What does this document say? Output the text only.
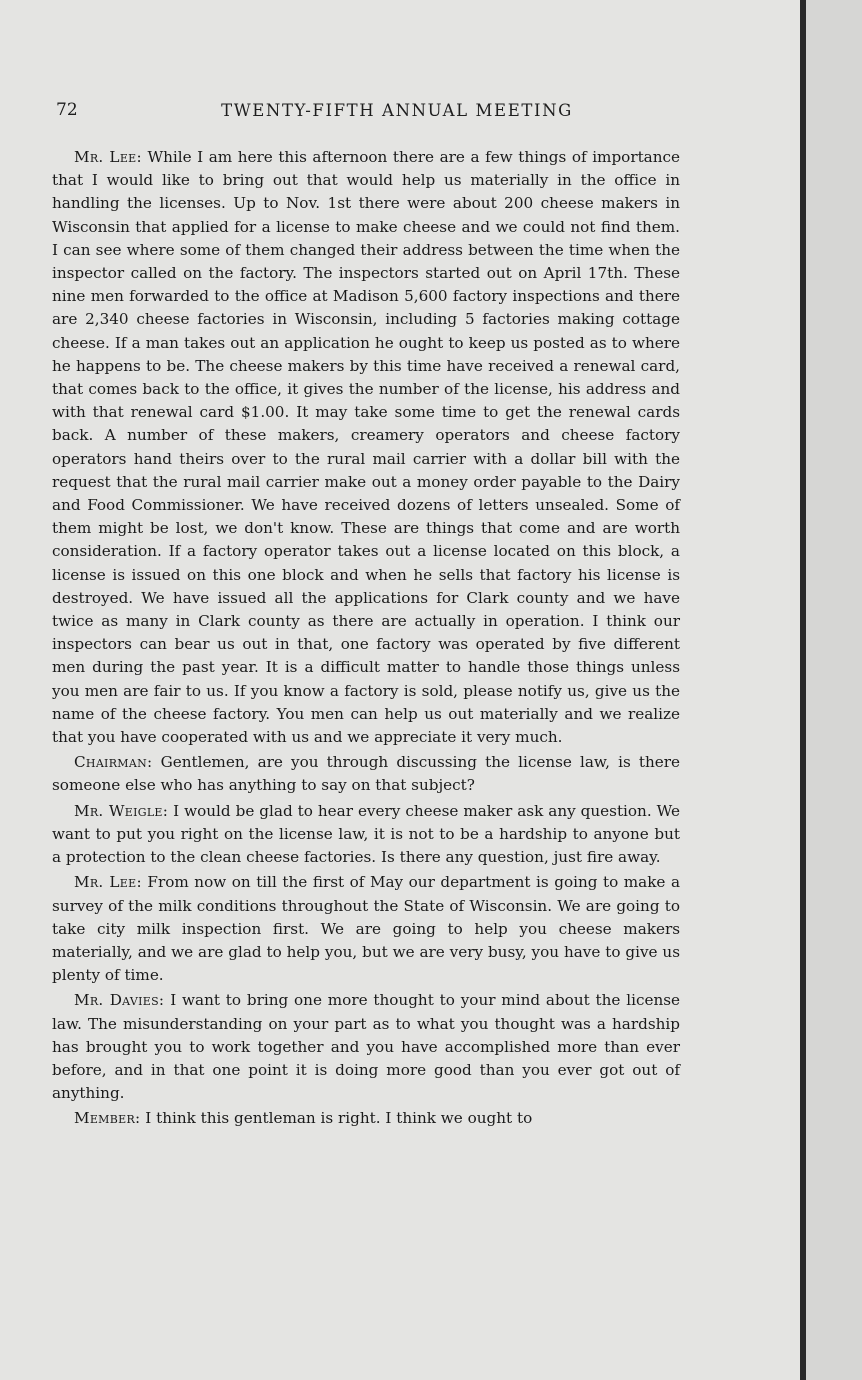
72	TWENTY-FIFTH ANNUAL MEETING

Mr. Lee: While I am here this afternoon there are a few things of importance that I would like to bring out that would help us materially in the office in handling the licenses. Up to Nov. 1st there were about 200 cheese makers in Wisconsin that applied for a license to make cheese and we could not find them. I can see where some of them changed their address between the time when the inspector called on the factory. The inspectors started out on April 17th. These nine men forwarded to the office at Madison 5,600 factory inspections and there are 2,340 cheese factories in Wisconsin, including 5 factories making cottage cheese. If a man takes out an application he ought to keep us posted as to where he happens to be. The cheese makers by this time have received a renewal card, that comes back to the office, it gives the number of the license, his address and with that renewal card $1.00. It may take some time to get the renewal cards back. A number of these makers, creamery operators and cheese factory operators hand theirs over to the rural mail carrier with a dollar bill with the request that the rural mail carrier make out a money order payable to the Dairy and Food Commissioner. We have received dozens of letters unsealed. Some of them might be lost, we don't know. These are things that come and are worth consideration. If a factory operator takes out a license located on this block, a license is issued on this one block and when he sells that factory his license is destroyed. We have issued all the applications for Clark county and we have twice as many in Clark county as there are actually in operation. I think our inspectors can bear us out in that, one factory was operated by five different men during the past year. It is a difficult matter to handle those things unless you men are fair to us. If you know a factory is sold, please notify us, give us the name of the cheese factory. You men can help us out materially and we realize that you have cooperated with us and we appreciate it very much.

Chairman: Gentlemen, are you through discussing the license law, is there someone else who has anything to say on that subject?

Mr. Weigle: I would be glad to hear every cheese maker ask any question. We want to put you right on the license law, it is not to be a hardship to anyone but a protection to the clean cheese factories. Is there any question, just fire away.

Mr. Lee: From now on till the first of May our department is going to make a survey of the milk conditions throughout the State of Wisconsin. We are going to take city milk inspection first. We are going to help you cheese makers materially, and we are glad to help you, but we are very busy, you have to give us plenty of time.

Mr. Davies: I want to bring one more thought to your mind about the license law. The misunderstanding on your part as to what you thought was a hardship has brought you to work together and you have accomplished more than ever before, and in that one point it is doing more good than you ever got out of anything.

Member: I think this gentleman is right. I think we ought to
